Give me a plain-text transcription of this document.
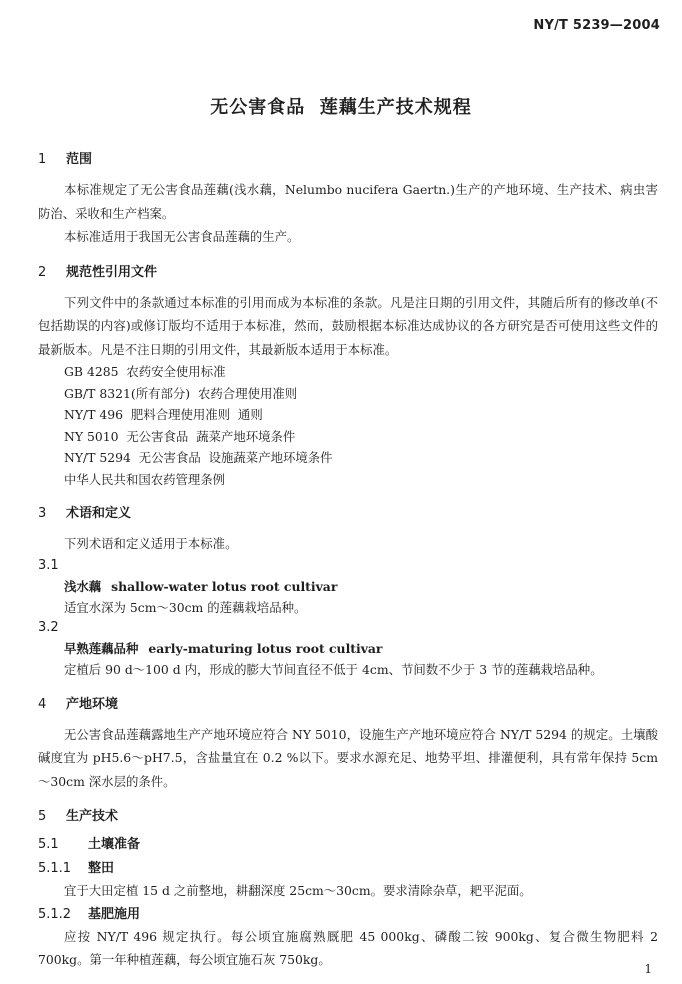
NY/T 5239—2004
无公害食品  莲藕生产技术规程
1	范围
本标准规定了无公害食品莲藕(浅水藕，Nelumbo nucifera Gaertn.)生产的产地环境、生产技术、病虫害防治、采收和生产档案。
本标准适用于我国无公害食品莲藕的生产。
2	规范性引用文件
下列文件中的条款通过本标准的引用而成为本标准的条款。凡是注日期的引用文件，其随后所有的修改单(不包括勘误的内容)或修订版均不适用于本标准，然而，鼓励根据本标准达成协议的各方研究是否可使用这些文件的最新版本。凡是不注日期的引用文件，其最新版本适用于本标准。
GB 4285  农药安全使用标准
GB/T 8321(所有部分)  农药合理使用准则
NY/T 496  肥料合理使用准则  通则
NY 5010  无公害食品  蔬菜产地环境条件
NY/T 5294  无公害食品  设施蔬菜产地环境条件
中华人民共和国农药管理条例
3	术语和定义
下列术语和定义适用于本标准。
3.1
浅水藕 shallow-water lotus root cultivar
适宜水深为 5cm～30cm 的莲藕栽培品种。
3.2
早熟莲藕品种 early-maturing lotus root cultivar
定植后 90 d～100 d 内，形成的膨大节间直径不低于 4cm、节间数不少于 3 节的莲藕栽培品种。
4	产地环境
无公害食品莲藕露地生产产地环境应符合 NY 5010，设施生产产地环境应符合 NY/T 5294 的规定。土壤酸碱度宜为 pH5.6～pH7.5，含盐量宜在 0.2 %以下。要求水源充足、地势平坦、排灌便利，具有常年保持 5cm～30cm 深水层的条件。
5	生产技术
5.1	土壤准备
5.1.1	整田
宜于大田定植 15 d 之前整地，耕翻深度 25cm～30cm。要求清除杂草，耙平泥面。
5.1.2	基肥施用
应按 NY/T 496 规定执行。每公顷宜施腐熟厩肥 45 000kg、磷酸二铵 900kg、复合微生物肥料 2 700kg。第一年种植莲藕，每公顷宜施石灰 750kg。
1
